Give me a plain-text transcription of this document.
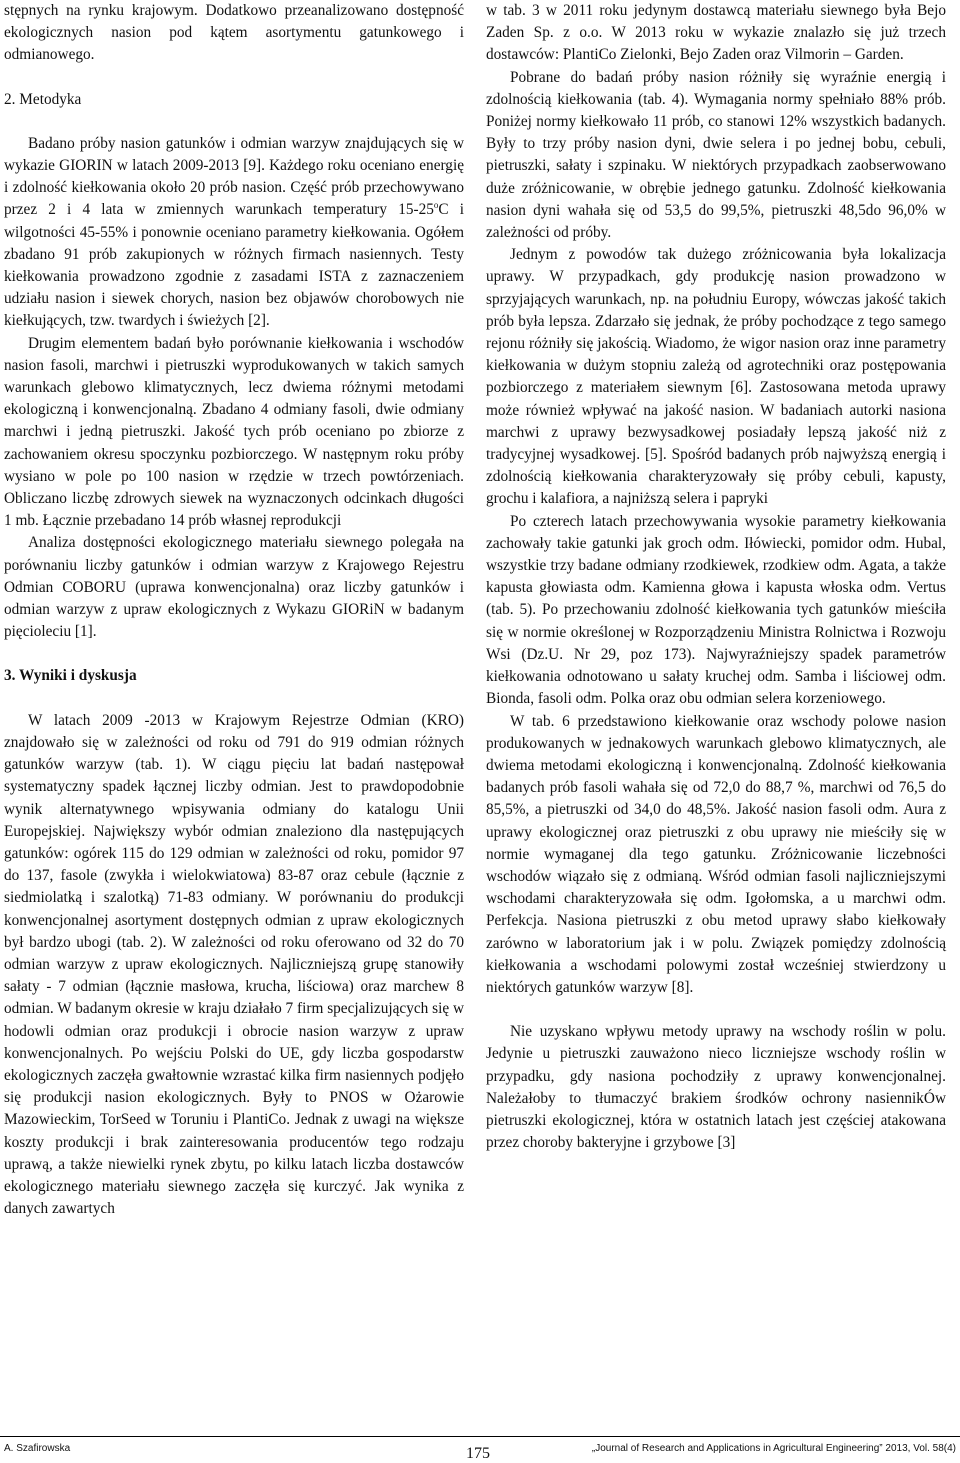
stępnych na rynku krajowym. Dodatkowo przeanalizowano dostępność ekologicznych nasion pod kątem asortymentu gatunkowego i odmianowego.

2. Metodyka

Badano próby nasion gatunków i odmian warzyw znajdujących się w wykazie GIORIN w latach 2009-2013 [9]. Każdego roku oceniano energię i zdolność kiełkowania około 20 prób nasion. Część prób przechowywano przez 2 i 4 lata w zmiennych warunkach temperatury 15-25$^o$C i wilgotności 45-55% i ponownie oceniano parametry kiełkowania. Ogółem zbadano 91 prób zakupionych w różnych firmach nasiennych. Testy kiełkowania prowadzono zgodnie z zasadami ISTA z zaznaczeniem udziału nasion i siewek chorych, nasion bez objawów chorobowych nie kiełkujących, tzw. twardych i świeżych [2].

Drugim elementem badań było porównanie kiełkowania i wschodów nasion fasoli, marchwi i pietruszki wyprodukowanych w takich samych warunkach glebowo klimatycznych, lecz dwiema różnymi metodami ekologiczną i konwencjonalną. Zbadano 4 odmiany fasoli, dwie odmiany marchwi i jedną pietruszki. Jakość tych prób oceniano po zbiorze z zachowaniem okresu spoczynku pozbiorczego. W następnym roku próby wysiano w pole po 100 nasion w rzędzie w trzech powtórzeniach. Obliczano liczbę zdrowych siewek na wyznaczonych odcinkach długości 1 mb. Łącznie przebadano 14 prób własnej reprodukcji

Analiza dostępności ekologicznego materiału siewnego polegała na porównaniu liczby gatunków i odmian warzyw z Krajowego Rejestru Odmian COBORU (uprawa konwencjonalna) oraz liczby gatunków i odmian warzyw z upraw ekologicznych z Wykazu GIORiN w badanym pięcioleciu [1].

3. Wyniki i dyskusja

W latach 2009 -2013 w Krajowym Rejestrze Odmian (KRO) znajdowało się w zależności od roku od 791 do 919 odmian różnych gatunków warzyw (tab. 1). W ciągu pięciu lat badań następował systematyczny spadek łącznej liczby odmian. Jest to prawdopodobnie wynik alternatywnego wpisywania odmiany do katalogu Unii Europejskiej. Największy wybór odmian znaleziono dla następujących gatunków: ogórek 115 do 129 odmian w zależności od roku, pomidor 97 do 137, fasole (zwykła i wielokwiatowa) 83-87 oraz cebule (łącznie z siedmiolatką i szalotką) 71-83 odmiany. W porównaniu do produkcji konwencjonalnej asortyment dostępnych odmian z upraw ekologicznych był bardzo ubogi (tab. 2). W zależności od roku oferowano od 32 do 70 odmian warzyw z upraw ekologicznych. Najliczniejszą grupę stanowiły sałaty - 7 odmian (łącznie masłowa, krucha, liściowa) oraz marchew 8 odmian. W badanym okresie w kraju działało 7 firm specjalizujących się w hodowli odmian oraz produkcji i obrocie nasion warzyw z upraw konwencjonalnych. Po wejściu Polski do UE, gdy liczba gospodarstw ekologicznych zaczęła gwałtownie wzrastać kilka firm nasiennych podjęło się produkcji nasion ekologicznych. Były to PNOS w Ożarowie Mazowieckim, TorSeed w Toruniu i PlantiCo. Jednak z uwagi na większe koszty produkcji i brak zainteresowania producentów tego rodzaju uprawą, a także niewielki rynek zbytu, po kilku latach liczba dostawców ekologicznego materiału siewnego zaczęła się kurczyć. Jak wynika z danych zawartych

w tab. 3 w 2011 roku jedynym dostawcą materiału siewnego była Bejo Zaden Sp. z o.o. W 2013 roku w wykazie znalazło się już trzech dostawców: PlantiCo Zielonki, Bejo Zaden oraz Vilmorin – Garden.

Pobrane do badań próby nasion różniły się wyraźnie energią i zdolnością kiełkowania (tab. 4). Wymagania normy spełniało 88% prób. Poniżej normy kiełkowało 11 prób, co stanowi 12% wszystkich badanych. Były to trzy próby nasion dyni, dwie selera i po jednej bobu, cebuli, pietruszki, sałaty i szpinaku. W niektórych przypadkach zaobserwowano duże zróżnicowanie, w obrębie jednego gatunku. Zdolność kiełkowania nasion dyni wahała się od 53,5 do 99,5%, pietruszki 48,5do 96,0% w zależności od próby.

Jednym z powodów tak dużego zróżnicowania była lokalizacja uprawy. W przypadkach, gdy produkcję nasion prowadzono w sprzyjających warunkach, np. na południu Europy, wówczas jakość takich prób była lepsza. Zdarzało się jednak, że próby pochodzące z tego samego rejonu różniły się jakością. Wiadomo, że wigor nasion oraz inne parametry kiełkowania w dużym stopniu zależą od agrotechniki oraz postępowania pozbiorczego z materiałem siewnym [6]. Zastosowana metoda uprawy może również wpływać na jakość nasion. W badaniach autorki nasiona marchwi z uprawy bezwysadkowej posiadały lepszą jakość niż z tradycyjnej wysadkowej. [5]. Spośród badanych prób najwyższą energią i zdolnością kiełkowania charakteryzowały się próby cebuli, kapusty, grochu i kalafiora, a najniższą selera i papryki

Po czterech latach przechowywania wysokie parametry kiełkowania zachowały takie gatunki jak groch odm. Iłówiecki, pomidor odm. Hubal, wszystkie trzy badane odmiany rzodkiewek, rzodkiew odm. Agata, a także kapusta głowiasta odm. Kamienna głowa i kapusta włoska odm. Vertus (tab. 5). Po przechowaniu zdolność kiełkowania tych gatunków mieściła się w normie określonej w Rozporządzeniu Ministra Rolnictwa i Rozwoju Wsi (Dz.U. Nr 29, poz 173). Najwyraźniejszy spadek parametrów kiełkowania odnotowano u sałaty kruchej odm. Samba i liściowej odm. Bionda, fasoli odm. Polka oraz obu odmian selera korzeniowego.

W tab. 6 przedstawiono kiełkowanie oraz wschody polowe nasion produkowanych w jednakowych warunkach glebowo klimatycznych, ale dwiema metodami ekologiczną i konwencjonalną. Zdolność kiełkowania badanych prób fasoli wahała się od 72,0 do 88,7 %, marchwi od 76,5 do 85,5%, a pietruszki od 34,0 do 48,5%. Jakość nasion fasoli odm. Aura z uprawy ekologicznej oraz pietruszki z obu uprawy nie mieściły się w normie wymaganej dla tego gatunku. Zróżnicowanie liczebności wschodów wiązało się z odmianą. Wśród odmian fasoli najliczniejszymi wschodami charakteryzowała się odm. Igołomska, a u marchwi odm. Perfekcja. Nasiona pietruszki z obu metod uprawy słabo kiełkowały zarówno w laboratorium jak i w polu. Związek pomiędzy zdolnością kiełkowania a wschodami polowymi został wcześniej stwierdzony u niektórych gatunków warzyw [8].

Nie uzyskano wpływu metody uprawy na wschody roślin w polu. Jedynie u pietruszki zauważono nieco liczniejsze wschody roślin w przypadku, gdy nasiona pochodziły z uprawy konwencjonalnej. Należałoby to tłumaczyć brakiem środków ochrony nasiennikÓw pietruszki ekologicznej, która w ostatnich latach jest częściej atakowana przez choroby bakteryjne i grzybowe [3]

A. Szafirowska	175	„Journal of Research and Applications in Agricultural Engineering” 2013, Vol. 58(4)
